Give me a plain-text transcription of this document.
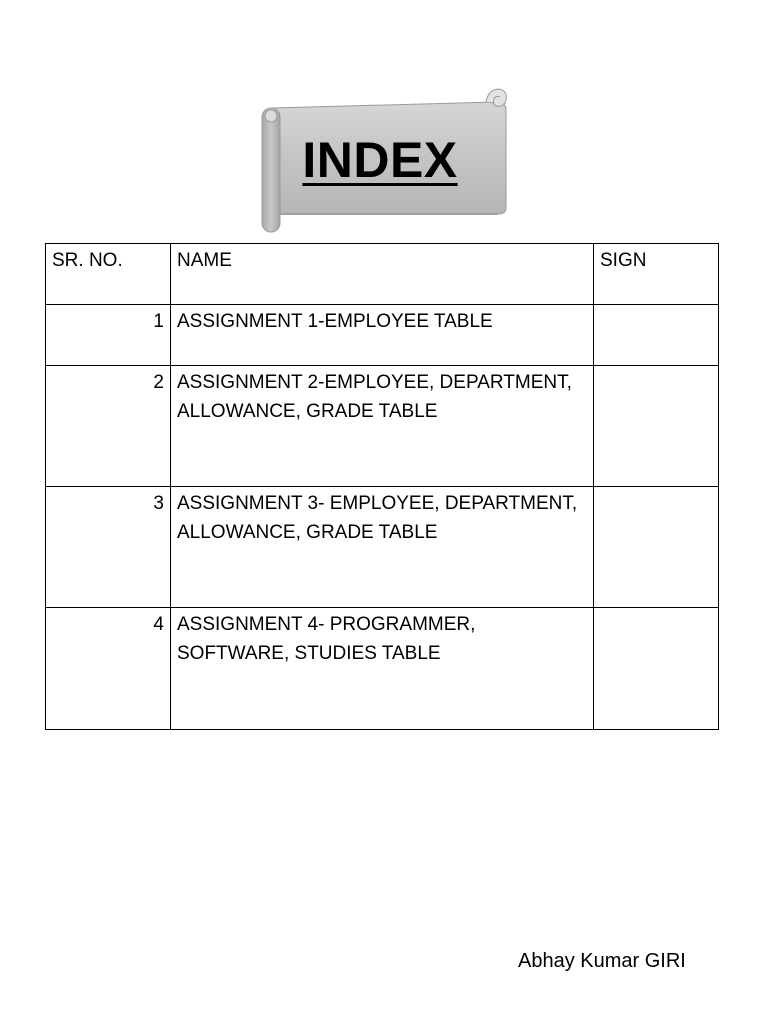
INDEX
SR. NO.	NAME	SIGN
1	ASSIGNMENT 1-EMPLOYEE TABLE	
2	ASSIGNMENT 2-EMPLOYEE, DEPARTMENT, ALLOWANCE, GRADE TABLE	
3	ASSIGNMENT 3- EMPLOYEE, DEPARTMENT, ALLOWANCE, GRADE TABLE	
4	ASSIGNMENT 4- PROGRAMMER, SOFTWARE, STUDIES TABLE	
Abhay Kumar GIRI
